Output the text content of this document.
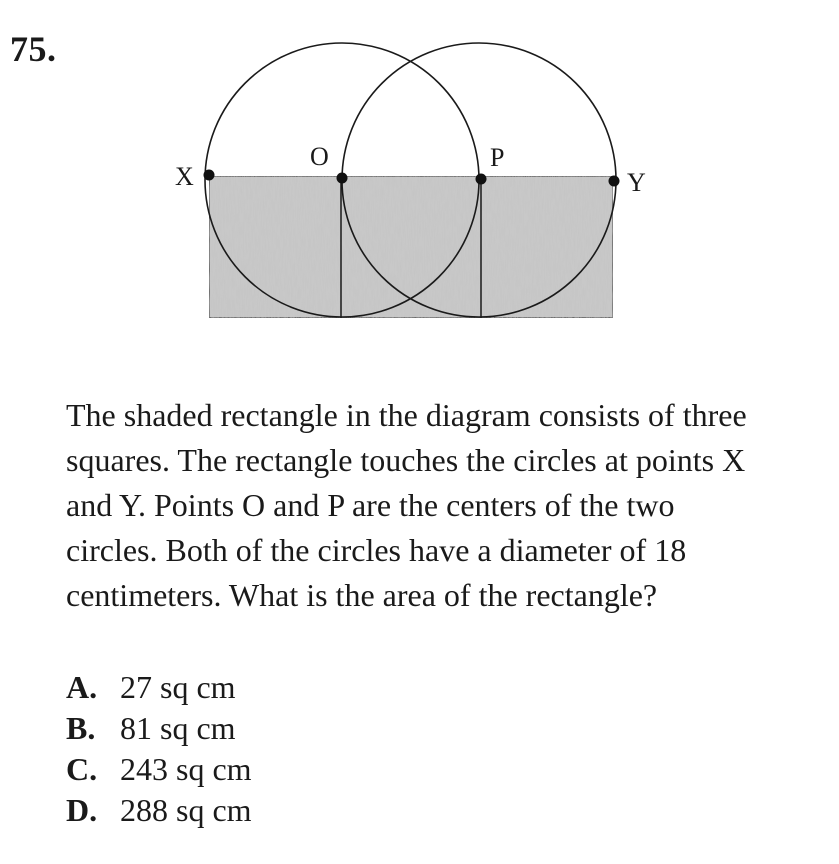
75.
X
O	P
Y

The shaded rectangle in the diagram consists of three squares. The rectangle touches the circles at points X and Y. Points O and P are the centers of the two circles. Both of the circles have a diameter of 18 centimeters. What is the area of the rectangle?

A. 27 sq cm
B. 81 sq cm
C. 243 sq cm
D. 288 sq cm
